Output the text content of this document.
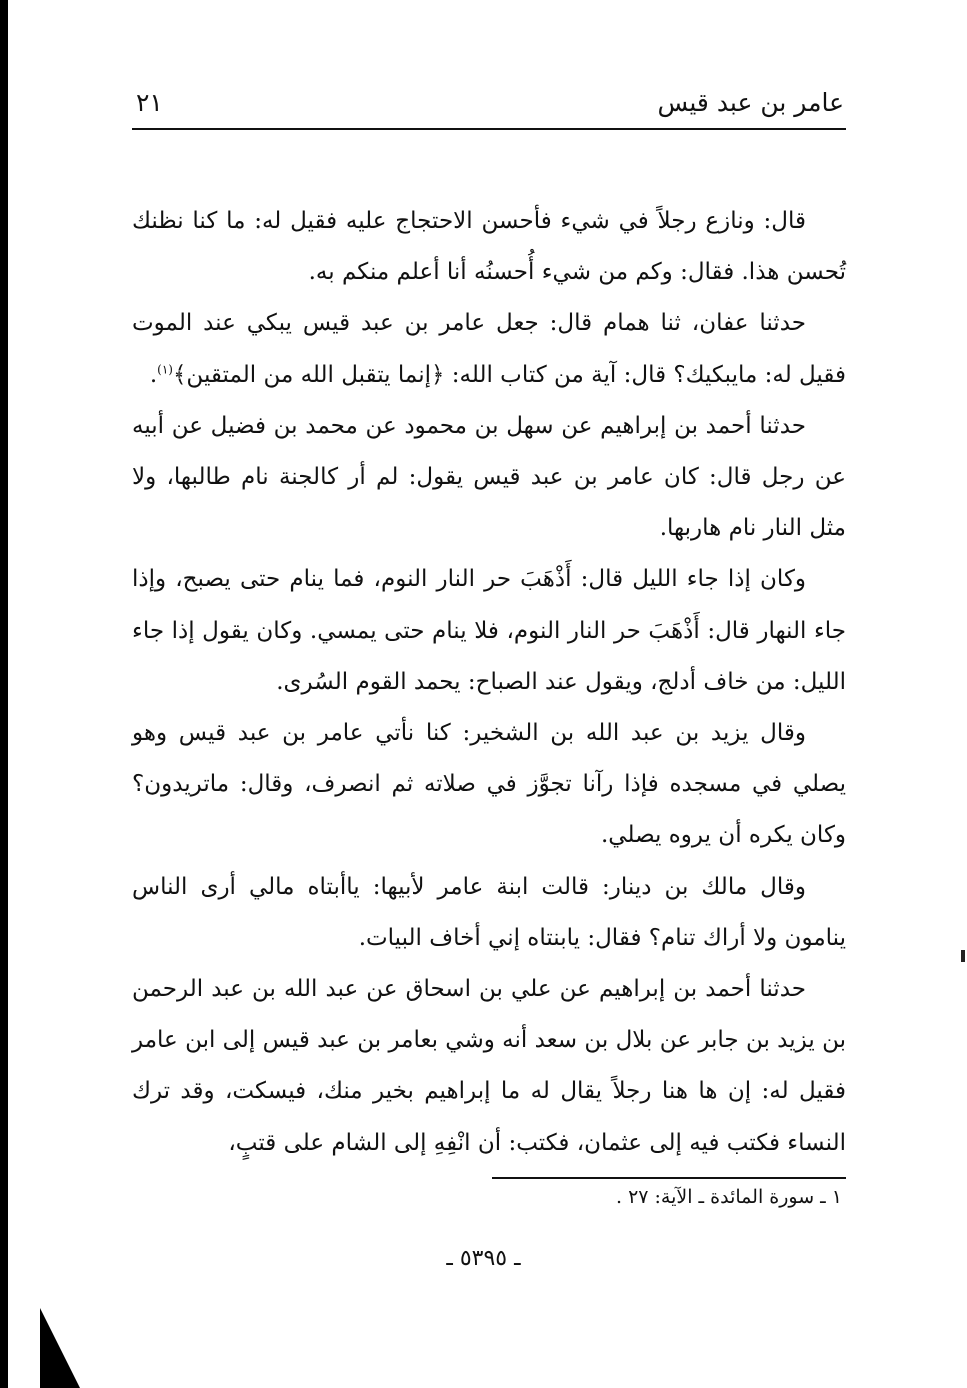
عامر بن عبد قيس
٢١

قال: ونازع رجلاً في شيء فأحسن الاحتجاج عليه فقيل له: ما كنا نظنك تُحسن هذا. فقال: وكم من شيء أُحسنُه أنا أعلم منكم به.

حدثنا عفان، ثنا همام قال: جعل عامر بن عبد قيس يبكي عند الموت فقيل له: مايبكيك؟ قال: آية من كتاب الله: ﴿إنما يتقبل الله من المتقين﴾$^{(١)}$.

حدثنا أحمد بن إبراهيم عن سهل بن محمود عن محمد بن فضيل عن أبيه عن رجل قال: كان عامر بن عبد قيس يقول: لم أر كالجنة نام طالبها، ولا مثل النار نام هاربها.

وكان إذا جاء الليل قال: أَذْهَبَ حر النار النوم، فما ينام حتى يصبح، وإذا جاء النهار قال: أَذْهَبَ حر النار النوم، فلا ينام حتى يمسي. وكان يقول إذا جاء الليل: من خاف أدلج، ويقول عند الصباح: يحمد القوم السُرى.

وقال يزيد بن عبد الله بن الشخير: كنا نأتي عامر بن عبد قيس وهو يصلي في مسجده فإذا رآنا تجوَّز في صلاته ثم انصرف، وقال: ماتريدون؟ وكان يكره أن يروه يصلي.

وقال مالك بن دينار: قالت ابنة عامر لأبيها: ياأبتاه مالي أرى الناس ينامون ولا أراك تنام؟ فقال: يابنتاه إني أخاف البيات.

حدثنا أحمد بن إبراهيم عن علي بن اسحاق عن عبد الله بن عبد الرحمن بن يزيد بن جابر عن بلال بن سعد أنه وشي بعامر بن عبد قيس إلى ابن عامر فقيل له: إن ها هنا رجلاً يقال له ما إبراهيم بخير منك، فيسكت، وقد ترك النساء فكتب فيه إلى عثمان، فكتب: أن انْفِهِ إلى الشام على قتبٍ،

١ ـ سورة المائدة ـ الآية: ٢٧ .
ـ ٥٣٩٥ ـ
